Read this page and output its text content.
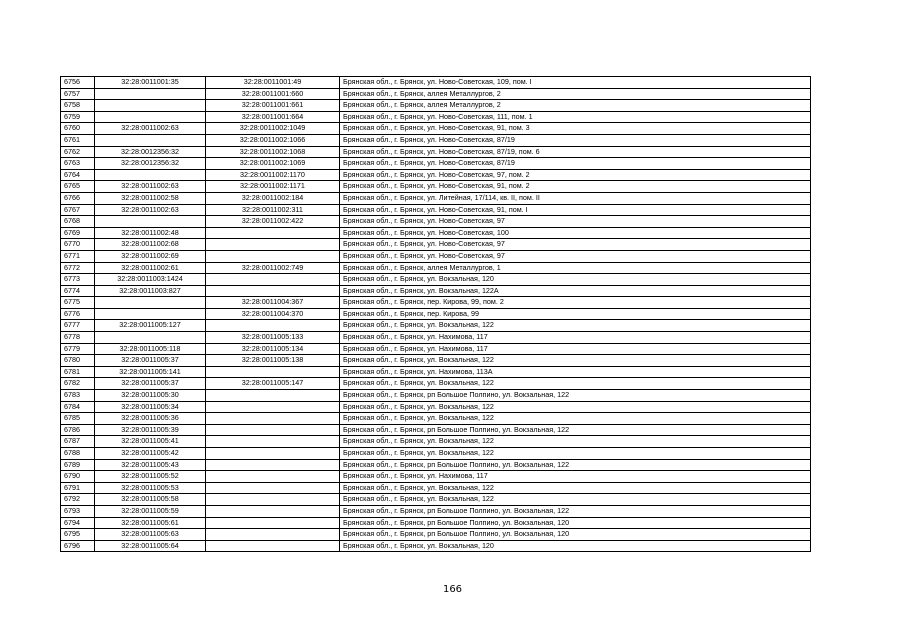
6756	32:28:0011001:35	32:28:0011001:49	Брянская обл., г. Брянск, ул. Ново-Советская, 109, пом. I
6757		32:28:0011001:660	Брянская обл., г. Брянск, аллея Металлургов, 2
6758		32:28:0011001:661	Брянская обл., г. Брянск, аллея Металлургов, 2
6759		32:28:0011001:664	Брянская обл., г. Брянск, ул. Ново-Советская, 111, пом. 1
6760	32:28:0011002:63	32:28:0011002:1049	Брянская обл., г. Брянск, ул. Ново-Советская, 91, пом. 3
6761		32:28:0011002:1066	Брянская обл., г. Брянск, ул. Ново-Советская, 87/19
6762	32:28:0012356:32	32:28:0011002:1068	Брянская обл., г. Брянск, ул. Ново-Советская, 87/19, пом. 6
6763	32:28:0012356:32	32:28:0011002:1069	Брянская обл., г. Брянск, ул. Ново-Советская, 87/19
6764		32:28:0011002:1170	Брянская обл., г. Брянск, ул. Ново-Советская, 97, пом. 2
6765	32:28:0011002:63	32:28:0011002:1171	Брянская обл., г. Брянск, ул. Ново-Советская, 91, пом. 2
6766	32:28:0011002:58	32:28:0011002:184	Брянская обл., г. Брянск, ул. Литейная, 17/114, кв. II, пом. II
6767	32:28:0011002:63	32:28:0011002:311	Брянская обл., г. Брянск, ул. Ново-Советская, 91, пом. I
6768		32:28:0011002:422	Брянская обл., г. Брянск, ул. Ново-Советская, 97
6769	32:28:0011002:48		Брянская обл., г. Брянск, ул. Ново-Советская, 100
6770	32:28:0011002:68		Брянская обл., г. Брянск, ул. Ново-Советская, 97
6771	32:28:0011002:69		Брянская обл., г. Брянск, ул. Ново-Советская, 97
6772	32:28:0011002:61	32:28:0011002:749	Брянская обл., г. Брянск, аллея Металлургов, 1
6773	32:28:0011003:1424		Брянская обл., г. Брянск, ул. Вокзальная, 120
6774	32:28:0011003:827		Брянская обл., г. Брянск, ул. Вокзальная, 122А
6775		32:28:0011004:367	Брянская обл., г. Брянск, пер. Кирова, 99, пом. 2
6776		32:28:0011004:370	Брянская обл., г. Брянск, пер. Кирова, 99
6777	32:28:0011005:127		Брянская обл., г. Брянск, ул. Вокзальная, 122
6778		32:28:0011005:133	Брянская обл., г. Брянск, ул. Нахимова, 117
6779	32:28:0011005:118	32:28:0011005:134	Брянская обл., г. Брянск, ул. Нахимова, 117
6780	32:28:0011005:37	32:28:0011005:138	Брянская обл., г. Брянск, ул. Вокзальная, 122
6781	32:28:0011005:141		Брянская обл., г. Брянск, ул. Нахимова, 113А
6782	32:28:0011005:37	32:28:0011005:147	Брянская обл., г. Брянск, ул. Вокзальная, 122
6783	32:28:0011005:30		Брянская обл., г. Брянск, рп Большое Полпино, ул. Вокзальная, 122
6784	32:28:0011005:34		Брянская обл., г. Брянск, ул. Вокзальная, 122
6785	32:28:0011005:36		Брянская обл., г. Брянск, ул. Вокзальная, 122
6786	32:28:0011005:39		Брянская обл., г. Брянск, рп Большое Полпино, ул. Вокзальная, 122
6787	32:28:0011005:41		Брянская обл., г. Брянск, ул. Вокзальная, 122
6788	32:28:0011005:42		Брянская обл., г. Брянск, ул. Вокзальная, 122
6789	32:28:0011005:43		Брянская обл., г. Брянск, рп Большое Полпино, ул. Вокзальная, 122
6790	32:28:0011005:52		Брянская обл., г. Брянск, ул. Нахимова, 117
6791	32:28:0011005:53		Брянская обл., г. Брянск, ул. Вокзальная, 122
6792	32:28:0011005:58		Брянская обл., г. Брянск, ул. Вокзальная, 122
6793	32:28:0011005:59		Брянская обл., г. Брянск, рп Большое Полпино, ул. Вокзальная, 122
6794	32:28:0011005:61		Брянская обл., г. Брянск, рп Большое Полпино, ул. Вокзальная, 120
6795	32:28:0011005:63		Брянская обл., г. Брянск, рп Большое Полпино, ул. Вокзальная, 120
6796	32:28:0011005:64		Брянская обл., г. Брянск, ул. Вокзальная, 120
166
